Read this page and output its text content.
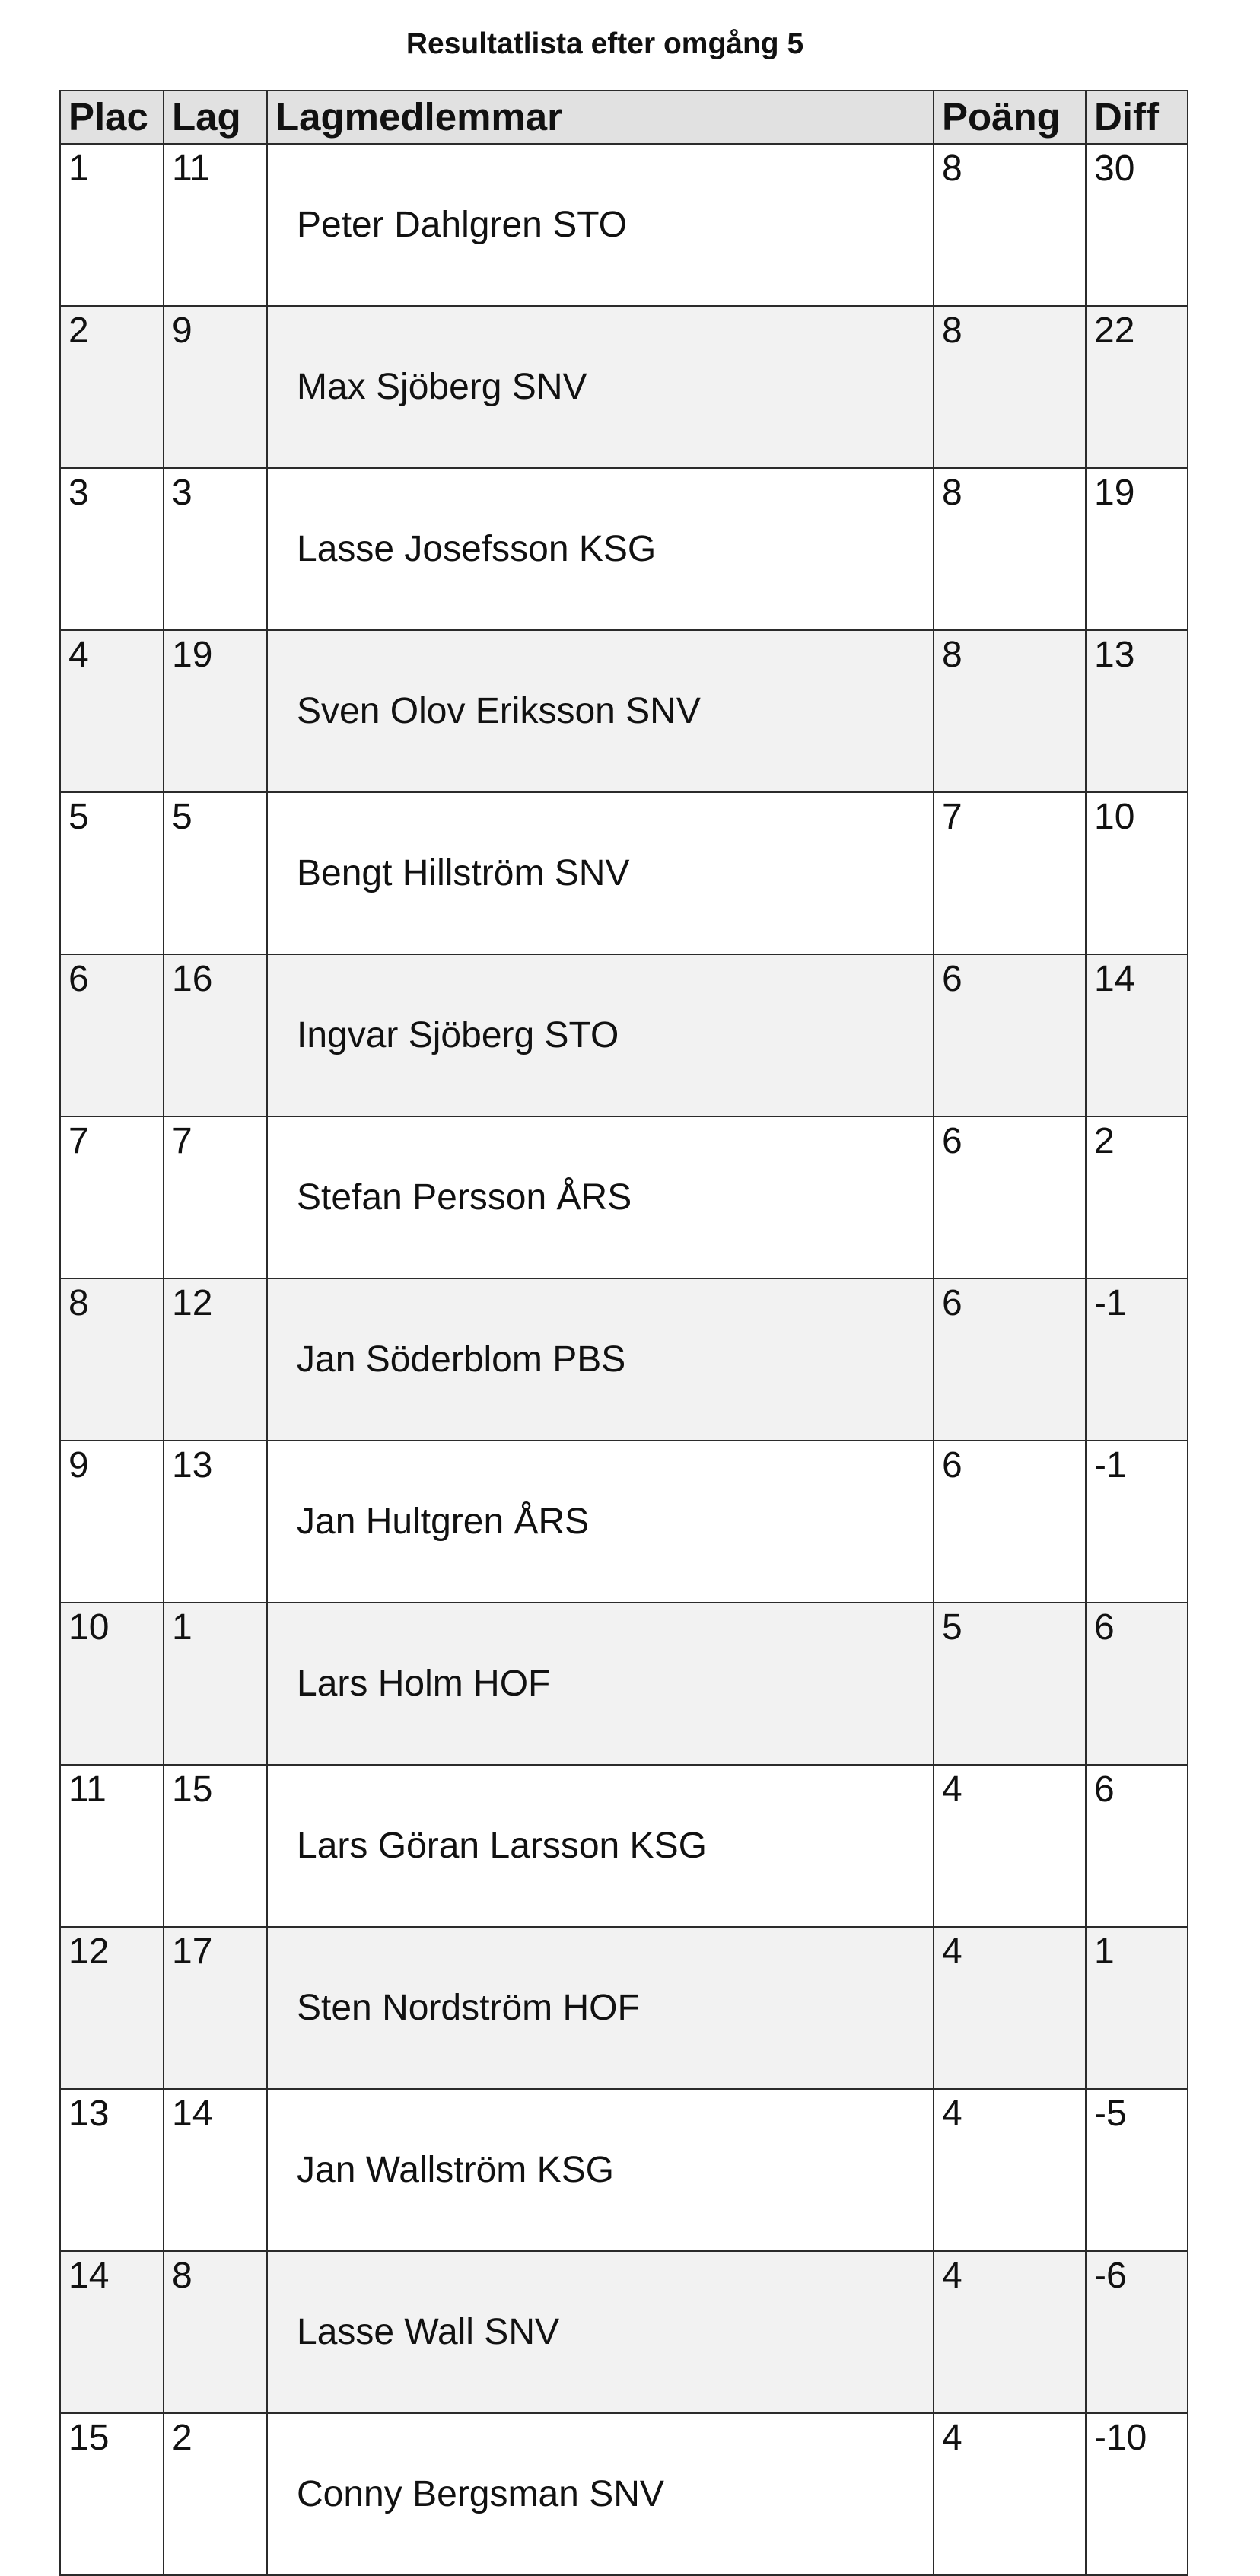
Resultatlista efter omgång 5
Plac	Lag	Lagmedlemmar	Poäng	Diff
1	11	Peter Dahlgren STO	8	30
2	9	Max Sjöberg SNV	8	22
3	3	Lasse Josefsson KSG	8	19
4	19	Sven Olov Eriksson SNV	8	13
5	5	Bengt Hillström SNV	7	10
6	16	Ingvar Sjöberg STO	6	14
7	7	Stefan Persson ÅRS	6	2
8	12	Jan Söderblom PBS	6	-1
9	13	Jan Hultgren ÅRS	6	-1
10	1	Lars Holm HOF	5	6
11	15	Lars Göran Larsson KSG	4	6
12	17	Sten Nordström HOF	4	1
13	14	Jan Wallström KSG	4	-5
14	8	Lasse Wall SNV	4	-6
15	2	Conny Bergsman SNV	4	-10
